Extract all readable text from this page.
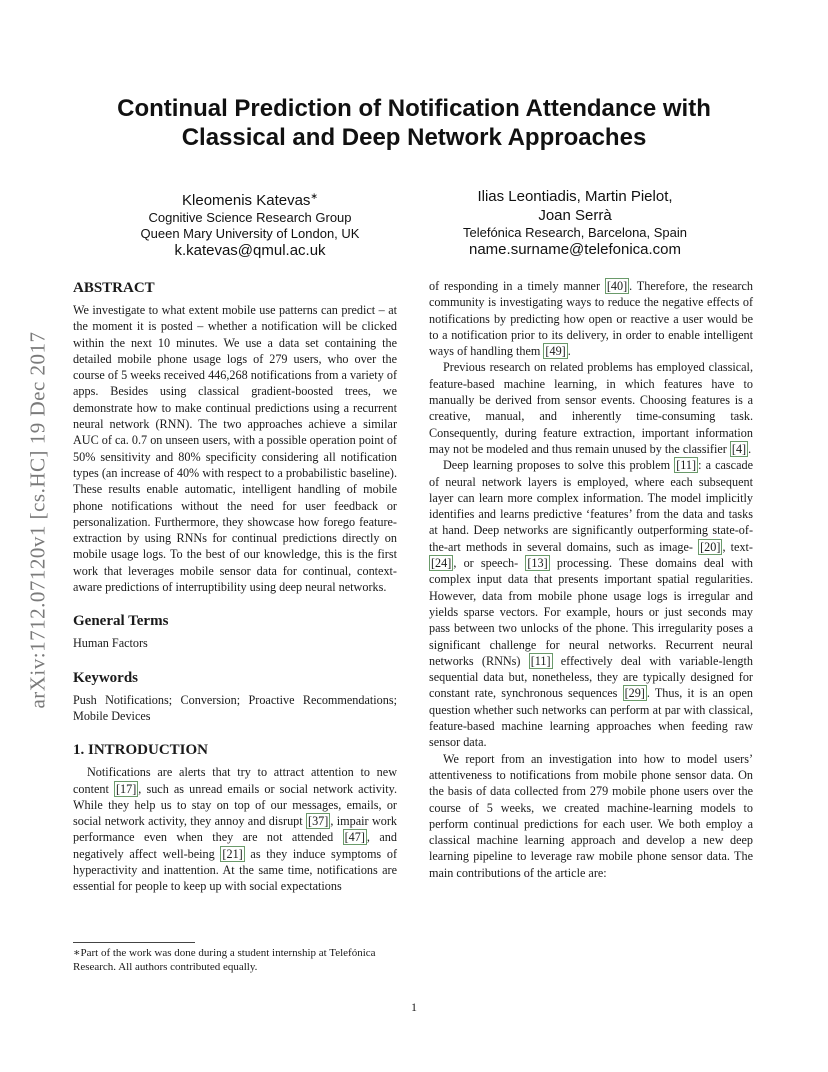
arXiv:1712.07120v1 [cs.HC] 19 Dec 2017
Continual Prediction of Notification Attendance with
Classical and Deep Network Approaches
Kleomenis Katevas∗
Cognitive Science Research Group
Queen Mary University of London, UK
k.katevas@qmul.ac.uk
Ilias Leontiadis, Martin Pielot,
Joan Serrà
Telefónica Research, Barcelona, Spain
name.surname@telefonica.com
ABSTRACT

We investigate to what extent mobile use patterns can predict – at the moment it is posted – whether a notification will be clicked within the next 10 minutes. We use a data set containing the detailed mobile phone usage logs of 279 users, who over the course of 5 weeks received 446,268 notifications from a variety of apps. Besides using classical gradient-boosted trees, we demonstrate how to make continual predictions using a recurrent neural network (RNN). The two approaches achieve a similar AUC of ca. 0.7 on unseen users, with a possible operation point of 50% sensitivity and 80% specificity considering all notification types (an increase of 40% with respect to a probabilistic baseline). These results enable automatic, intelligent handling of mobile phone notifications without the need for user feedback or personalization. Furthermore, they showcase how forego feature-extraction by using RNNs for continual predictions directly on mobile usage logs. To the best of our knowledge, this is the first work that leverages mobile sensor data for continual, context-aware predictions of interruptibility using deep neural networks.

General Terms

Human Factors

Keywords

Push Notifications; Conversion; Proactive Recommendations; Mobile Devices

1. INTRODUCTION

Notifications are alerts that try to attract attention to new content [17] , such as unread emails or social network activity. While they help us to stay on top of our messages, emails, or social network activity, they annoy and disrupt [37] , impair work performance even when they are not attended [47] , and negatively affect well-being [21] as they induce symptoms of hyperactivity and inattention. At the same time, notifications are essential for people to keep up with social expectations

of responding in a timely manner [40] . Therefore, the research community is investigating ways to reduce the negative effects of notifications by predicting how open or reactive a user would be to a notification prior to its delivery, in order to enable intelligent ways of handling them [49] .

Previous research on related problems has employed classical, feature-based machine learning, in which features have to manually be derived from sensor events. Choosing features is a creative, manual, and inherently time-consuming task. Consequently, during feature extraction, important information may not be modeled and thus remain unused by the classifier [4] .

Deep learning proposes to solve this problem [11] : a cascade of neural network layers is employed, where each subsequent layer can learn more complex information. The model implicitly identifies and learns predictive ‘features’ from the data and tasks at hand. Deep networks are significantly outperforming state-of-the-art methods in several domains, such as image- [20] , text- [24] , or speech- [13] processing. These domains deal with complex input data that presents important spatial regularities. However, data from mobile phone usage logs is irregular and yields sparse vectors. For example, hours or just seconds may pass between two unlocks of the phone. This irregularity poses a significant challenge for neural networks. Recurrent neural networks (RNNs) [11] effectively deal with variable-length sequential data but, nonetheless, they are typically designed for constant rate, synchronous sequences [29] . Thus, it is an open question whether such networks can perform at par with classical, feature-based machine learning approaches when feeding raw sensor data.

We report from an investigation into how to model users’ attentiveness to notifications from mobile phone sensor data. On the basis of data collected from 279 mobile phone users over the course of 5 weeks, we created machine-learning models to perform continual predictions for each user. We both employ a classical machine learning approach and develop a new deep learning pipeline to leverage raw mobile phone sensor data. The main contributions of the article are:

∗Part of the work was done during a student internship at Telefónica Research. All authors contributed equally.
1
